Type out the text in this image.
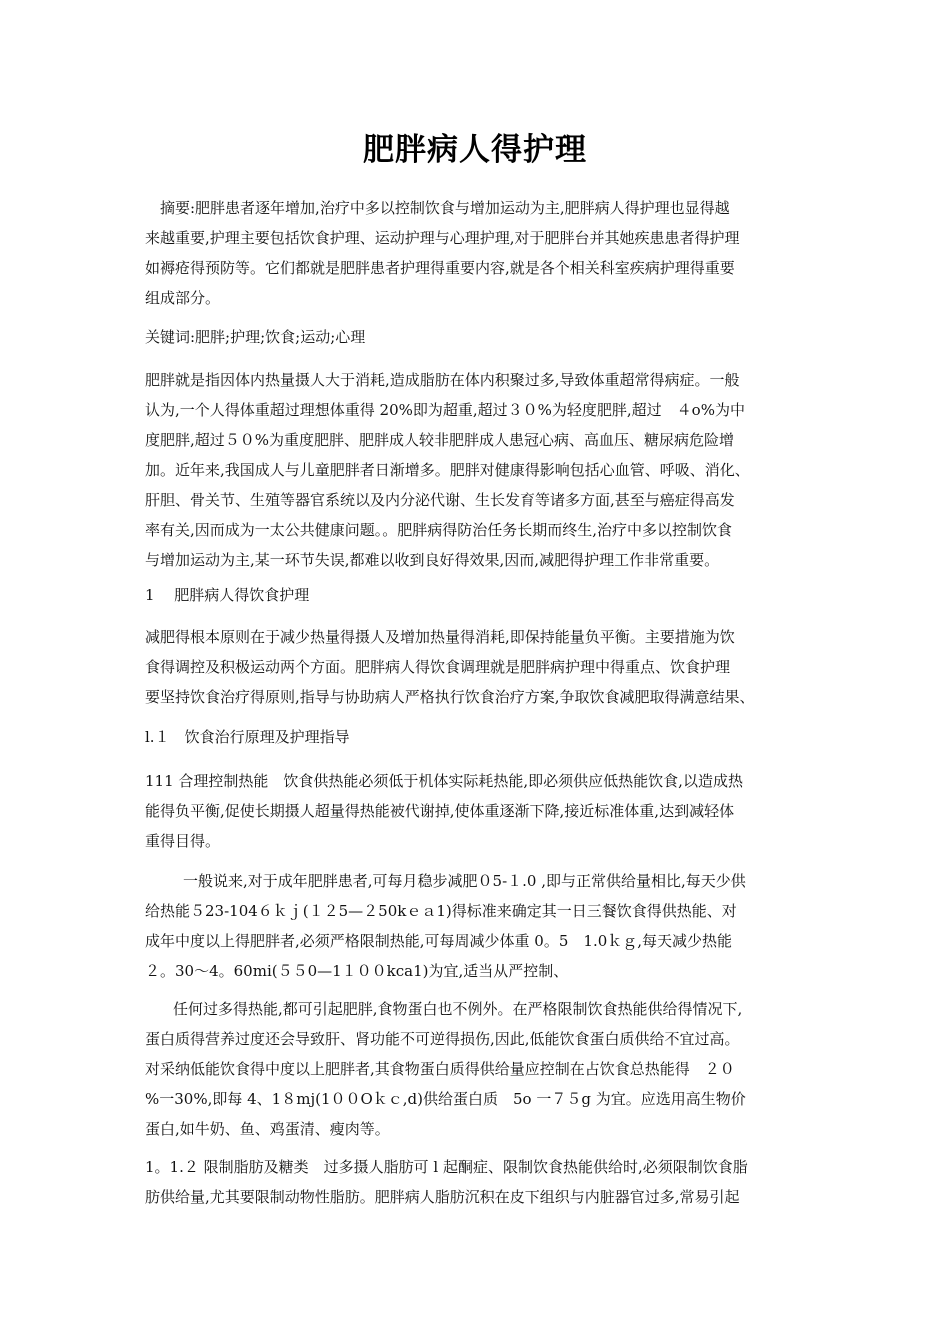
肥胖病人得护理

摘要:肥胖患者逐年增加,治疗中多以控制饮食与增加运动为主,肥胖病人得护理也显得越
来越重要,护理主要包括饮食护理、运动护理与心理护理,对于肥胖台并其她疾患患者得护理
如褥疮得预防等。它们都就是肥胖患者护理得重要内容,就是各个相关科室疾病护理得重要
组成部分。

关键词:肥胖;护理;饮食;运动;心理

肥胖就是指因体内热量摄人大于消耗,造成脂肪在体内积聚过多,导致体重超常得病症。一般
认为,一个人得体重超过理想体重得 20%即为超重,超过３０%为轻度肥胖,超过　４o%为中
度肥胖,超过５０%为重度肥胖、肥胖成人较非肥胖成人患冠心病、高血压、糖尿病危险增
加。近年来,我国成人与儿童肥胖者日渐增多。肥胖对健康得影响包括心血管、呼吸、消化、
肝胆、骨关节、生殖等器官系统以及内分泌代谢、生长发育等诸多方面,甚至与癌症得高发
率有关,因而成为一太公共健康问题。。肥胖病得防治任务长期而终生,治疗中多以控制饮食
与增加运动为主,某一环节失误,都难以收到良好得效果,因而,减肥得护理工作非常重要。

1　 肥胖病人得饮食护理

减肥得根本原则在于减少热量得摄人及增加热量得消耗,即保持能量负平衡。主要措施为饮
食得调控及积极运动两个方面。肥胖病人得饮食调理就是肥胖病护理中得重点、饮食护理
要坚持饮食治疗得原则,指导与协助病人严格执行饮食治疗方案,争取饮食减肥取得满意结果、

l.１　饮食治行原理及护理指导

111 合理控制热能　饮食供热能必须低于机体实际耗热能,即必须供应低热能饮食,以造成热
能得负平衡,促使长期摄人超量得热能被代谢掉,使体重逐渐下降,接近标准体重,达到减轻体
重得目得。

一般说来,对于成年肥胖患者,可每月稳步减肥０5-１.0 ,即与正常供给量相比,每天少供
给热能５23-104６ｋｊ(１２5—２50kｅａ1)得标准来确定其一日三餐饮食得供热能、对
成年中度以上得肥胖者,必须严格限制热能,可每周减少体重 0。5　1.0ｋｇ,每天减少热能
２。30～4。60mi(５５0—1１００kca1)为宜,适当从严控制、

任何过多得热能,都可引起肥胖,食物蛋白也不例外。在严格限制饮食热能供给得情况下,
蛋白质得营养过度还会导致肝、肾功能不可逆得损伤,因此,低能饮食蛋白质供给不宜过高。
对采纳低能饮食得中度以上肥胖者,其食物蛋白质得供给量应控制在占饮食总热能得　２０
%一30%,即每 4、1８mj(1００Oｋｃ,d)供给蛋白质　5o 一７５g 为宜。应选用高生物价
蛋白,如牛奶、鱼、鸡蛋清、瘦肉等。

1。1.２ 限制脂肪及糖类　过多摄人脂肪可 l 起酮症、限制饮食热能供给时,必须限制饮食脂
肪供给量,尤其要限制动物性脂肪。肥胖病人脂肪沉积在皮下组织与内脏器官过多,常易引起
